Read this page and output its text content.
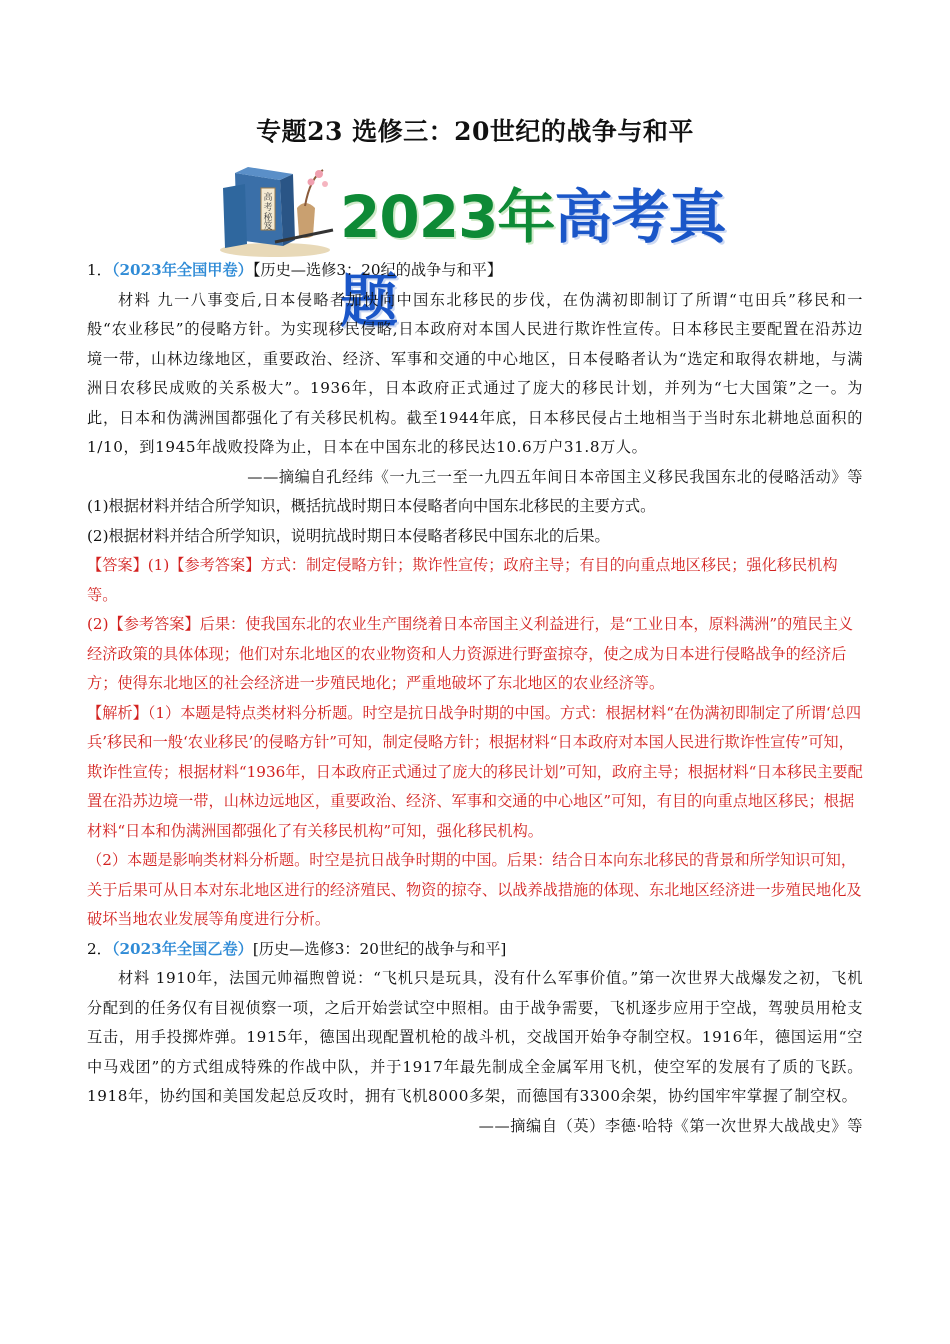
专题23 选修三：20世纪的战争与和平
高
考
秘
笈 2023年高考真题

1．（2023年全国甲卷）【历史—选修3：20纪的战争与和平】

材料 九一八事变后,日本侵略者加快向中国东北移民的步伐，在伪满初即制订了所谓“屯田兵”移民和一般“农业移民”的侵略方针。为实现移民侵略,日本政府对本国人民进行欺诈性宣传。日本移民主要配置在沿苏边境一带，山林边缘地区，重要政治、经济、军事和交通的中心地区，日本侵略者认为“选定和取得农耕地，与满洲日农移民成败的关系极大”。1936年，日本政府正式通过了庞大的移民计划，并列为“七大国策”之一。为此，日本和伪满洲国都强化了有关移民机构。截至1944年底，日本移民侵占土地相当于当时东北耕地总面积的1/10，到1945年战败投降为止，日本在中国东北的移民达10.6万户31.8万人。

——摘编自孔经纬《一九三一至一九四五年间日本帝国主义移民我国东北的侵略活动》等

(1)根据材料并结合所学知识，概括抗战时期日本侵略者向中国东北移民的主要方式。

(2)根据材料并结合所学知识，说明抗战时期日本侵略者移民中国东北的后果。

【答案】(1)【参考答案】方式：制定侵略方针；欺诈性宣传；政府主导；有目的向重点地区移民；强化移民机构等。

(2)【参考答案】后果：使我国东北的农业生产围绕着日本帝国主义利益进行，是“工业日本，原料满洲”的殖民主义经济政策的具体体现；他们对东北地区的农业物资和人力资源进行野蛮掠夺，使之成为日本进行侵略战争的经济后方；使得东北地区的社会经济进一步殖民地化；严重地破坏了东北地区的农业经济等。

【解析】（1）本题是特点类材料分析题。时空是抗日战争时期的中国。方式：根据材料“在伪满初即制定了所谓‘总四兵’移民和一般‘农业移民’的侵略方针”可知，制定侵略方针；根据材料“日本政府对本国人民进行欺诈性宣传”可知，欺诈性宣传；根据材料“1936年，日本政府正式通过了庞大的移民计划”可知，政府主导；根据材料“日本移民主要配置在沿苏边境一带，山林边远地区，重要政治、经济、军事和交通的中心地区”可知，有目的向重点地区移民；根据材料“日本和伪满洲国都强化了有关移民机构”可知，强化移民机构。

（2）本题是影响类材料分析题。时空是抗日战争时期的中国。后果：结合日本向东北移民的背景和所学知识可知，关于后果可从日本对东北地区进行的经济殖民、物资的掠夺、以战养战措施的体现、东北地区经济进一步殖民地化及破坏当地农业发展等角度进行分析。

2．（2023年全国乙卷）[历史—选修3：20世纪的战争与和平]

材料 1910年，法国元帅福煦曾说：“飞机只是玩具，没有什么军事价值。”第一次世界大战爆发之初，飞机分配到的任务仅有目视侦察一项，之后开始尝试空中照相。由于战争需要，飞机逐步应用于空战，驾驶员用枪支互击，用手投掷炸弹。1915年，德国出现配置机枪的战斗机，交战国开始争夺制空权。1916年，德国运用“空中马戏团”的方式组成特殊的作战中队，并于1917年最先制成全金属军用飞机，使空军的发展有了质的飞跃。1918年，协约国和美国发起总反攻时，拥有飞机8000多架，而德国有3300余架，协约国牢牢掌握了制空权。

——摘编自（英）李德·哈特《第一次世界大战战史》等
